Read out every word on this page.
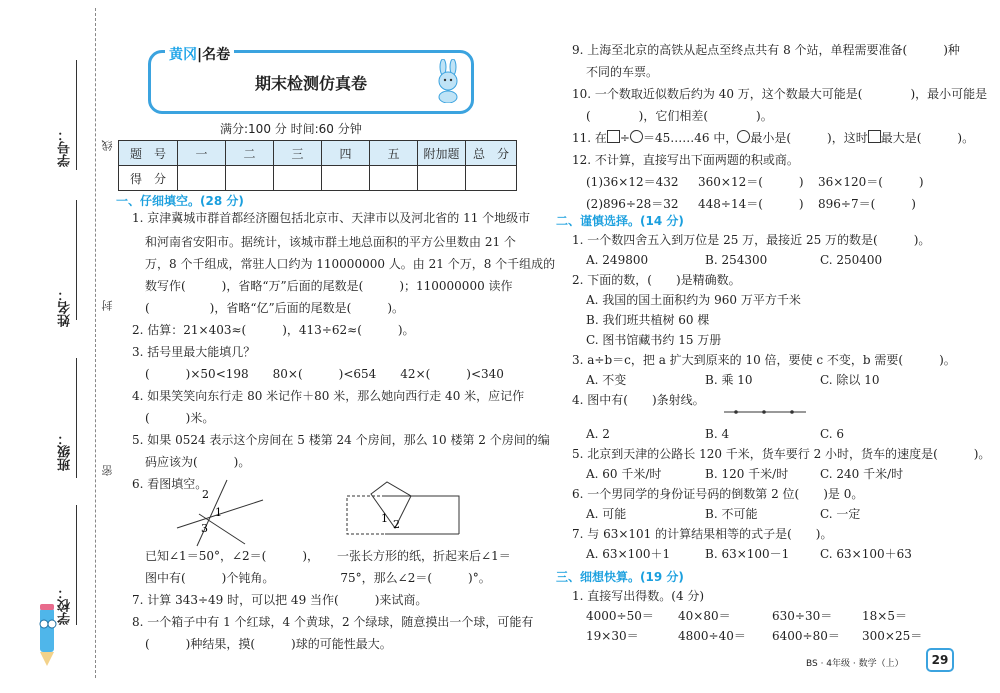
学号：
姓名：
班级：
学校：
线
封
密
期末检测仿真卷
黄冈|名卷
满分:100 分 时间:60 分钟
题　号	一	二	三	四	五	附加题	总　分
得　分							
一、仔细填空。(28 分)
1. 京津冀城市群首都经济圈包括北京市、天津市以及河北省的 11 个地级市
和河南省安阳市。据统计，该城市群土地总面积的平方公里数由 21 个
万，8 个千组成，常驻人口约为 110000000 人。由 21 个万，8 个千组成的
数写作(　　　)，省略“万”后面的尾数是(　　　)；110000000 读作
(　　　　　)，省略“亿”后面的尾数是(　　　)。
2. 估算：21×403≈(　　　)，413÷62≈(　　　)。
3. 括号里最大能填几？
(　　　)×50<198　　80×(　　　)<654　　42×(　　　)<340
4. 如果笑笑向东行走 80 米记作＋80 米，那么她向西行走 40 米，应记作
(　　　)米。
5. 如果 0524 表示这个房间在 5 楼第 24 个房间，那么 10 楼第 2 个房间的编
码应该为(　　　)。
6. 看图填空。
2
1
3
1 2
已知∠1＝50°，∠2＝(　　　)，　　一张长方形的纸，折起来后∠1＝
图中有(　　　)个钝角。　　　　　　75°，那么∠2＝(　　　)°。
7. 计算 343÷49 时，可以把 49 当作(　　　)来试商。
8. 一个箱子中有 1 个红球，4 个黄球，2 个绿球，随意摸出一个球，可能有
(　　　)种结果，摸(　　　)球的可能性最大。
9. 上海至北京的高铁从起点至终点共有 8 个站，单程需要准备(　　　)种
不同的车票。
10. 一个数取近似数后约为 40 万，这个数最大可能是(　　　　)，最小可能是
(　　　　)，它们相差(　　　　)。
11. 在 ÷ ＝45……46 中， 最小是(　　　)，这时 最大是(　　　)。
12. 不计算，直接写出下面两题的积或商。
(1)36×12＝432 360×12＝(　　　) 36×120＝(　　　)
(2)896÷28＝32 448÷14＝(　　　) 896÷7＝(　　　)
二、谨慎选择。(14 分)
1. 一个数四舍五入到万位是 25 万，最接近 25 万的数是(　　　)。
A. 249800	B. 254300	C. 250400
2. 下面的数，(　　)是精确数。
A. 我国的国土面积约为 960 万平方千米
B. 我们班共植树 60 棵
C. 图书馆藏书约 15 万册
3. a÷b＝c，把 a 扩大到原来的 10 倍，要使 c 不变，b 需要(　　　)。
A. 不变	B. 乘 10	C. 除以 10
4. 图中有(　　)条射线。
A. 2	B. 4	C. 6
5. 北京到天津的公路长 120 千米，货车要行 2 小时，货车的速度是(　　　)。
A. 60 千米/时	B. 120 千米/时	C. 240 千米/时
6. 一个男同学的身份证号码的倒数第 2 位(　　)是 0。
A. 可能	B. 不可能	C. 一定
7. 与 63×101 的计算结果相等的式子是(　　)。
A. 63×100＋1	B. 63×100－1	C. 63×100＋63
三、细想快算。(19 分)
1. 直接写出得数。(4 分)
4000÷50＝ 40×80＝	630÷30＝ 18×5＝
19×30＝	4800÷40＝ 6400÷80＝ 300×25＝
BS · 4年级 · 数学（上）	29
